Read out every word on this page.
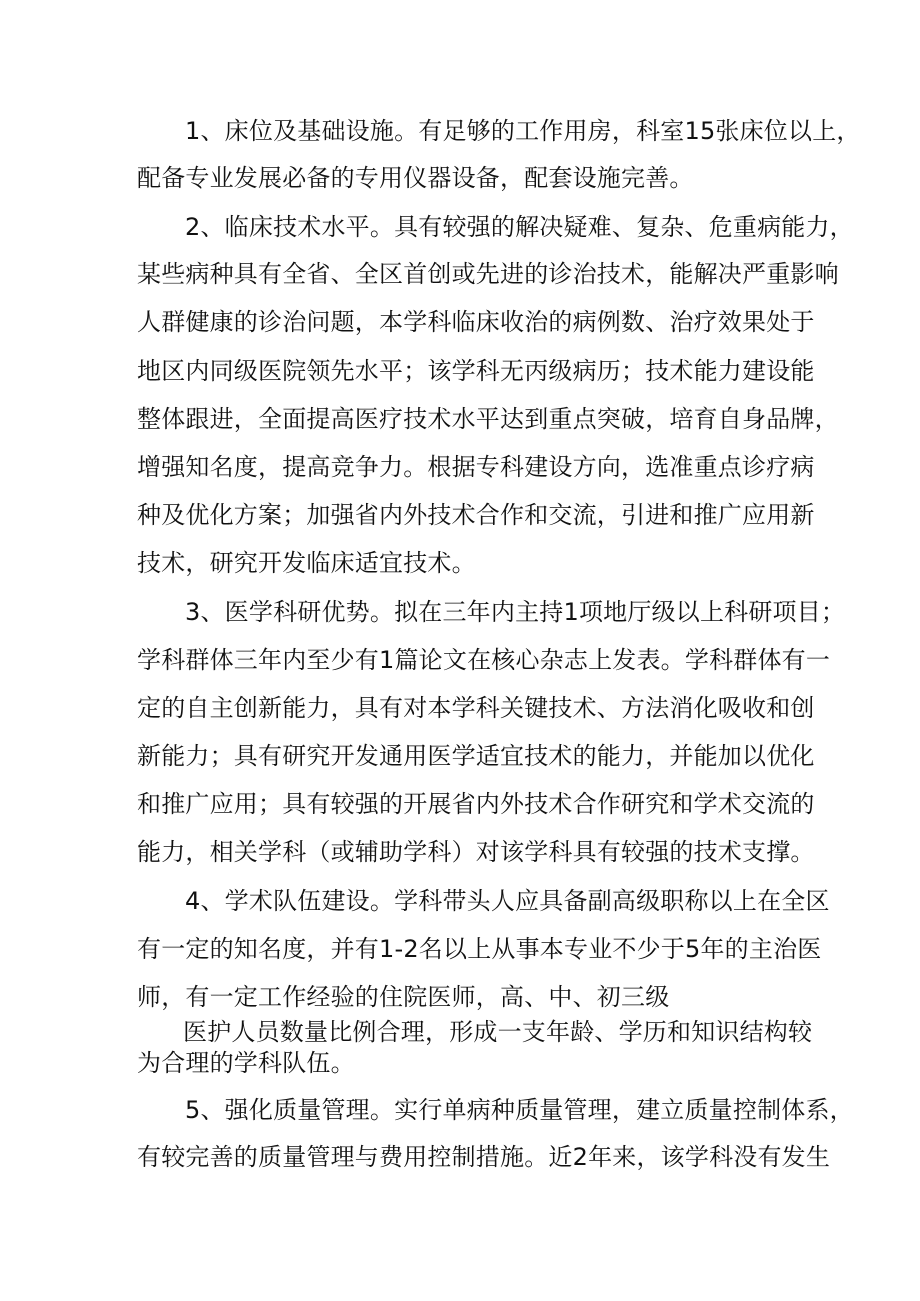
1、床位及基础设施。有足够的工作用房，科室15张床位以上，
配备专业发展必备的专用仪器设备，配套设施完善。
2、临床技术水平。具有较强的解决疑难、复杂、危重病能力，
某些病种具有全省、全区首创或先进的诊治技术，能解决严重影响
人群健康的诊治问题，本学科临床收治的病例数、治疗效果处于
地区内同级医院领先水平；该学科无丙级病历；技术能力建设能
整体跟进，全面提高医疗技术水平达到重点突破，培育自身品牌，
增强知名度，提高竞争力。根据专科建设方向，选准重点诊疗病
种及优化方案；加强省内外技术合作和交流，引进和推广应用新
技术，研究开发临床适宜技术。
3、医学科研优势。拟在三年内主持1项地厅级以上科研项目；
学科群体三年内至少有1篇论文在核心杂志上发表。学科群体有一
定的自主创新能力，具有对本学科关键技术、方法消化吸收和创
新能力；具有研究开发通用医学适宜技术的能力，并能加以优化
和推广应用；具有较强的开展省内外技术合作研究和学术交流的
能力，相关学科（或辅助学科）对该学科具有较强的技术支撑。
4、学术队伍建设。学科带头人应具备副高级职称以上在全区
有一定的知名度，并有1-2名以上从事本专业不少于5年的主治医
师，有一定工作经验的住院医师，高、中、初三级
医护人员数量比例合理，形成一支年龄、学历和知识结构较
为合理的学科队伍。
5、强化质量管理。实行单病种质量管理，建立质量控制体系，
有较完善的质量管理与费用控制措施。近2年来，该学科没有发生
